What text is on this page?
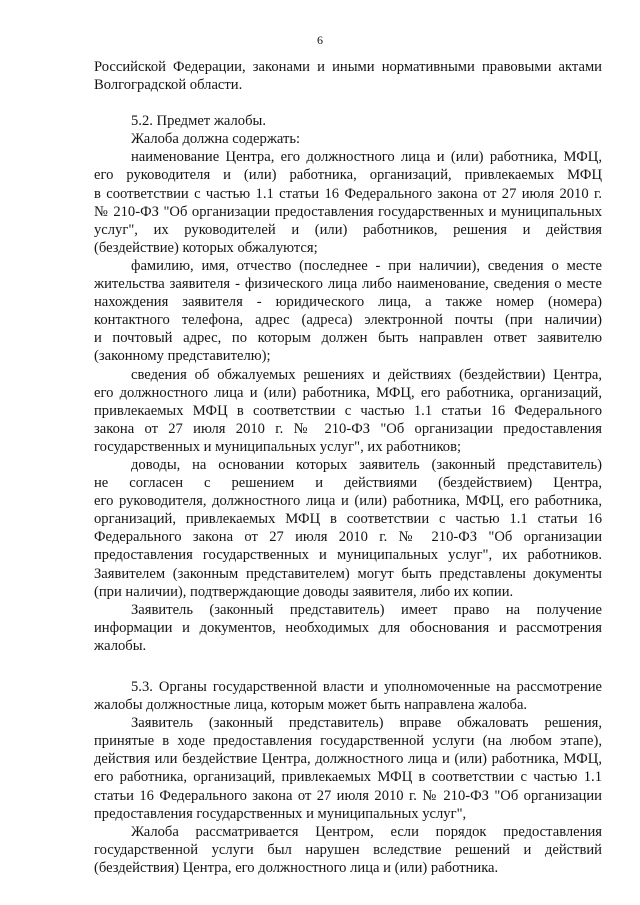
6

Российской Федерации, законами и иными нормативными правовыми актами

Волгоградской области.

5.2. Предмет жалобы.

Жалоба должна содержать:

наименование Центра, его должностного лица и (или) работника, МФЦ,

его руководителя и (или) работника, организаций, привлекаемых МФЦ

в соответствии с частью 1.1 статьи 16 Федерального закона от 27 июля 2010 г.

№ 210-ФЗ "Об организации предоставления государственных и муниципальных

услуг", их руководителей и (или) работников, решения и действия

(бездействие) которых обжалуются;

фамилию, имя, отчество (последнее - при наличии), сведения о месте

жительства заявителя - физического лица либо наименование, сведения о месте

нахождения заявителя - юридического лица, а также номер (номера)

контактного телефона, адрес (адреса) электронной почты (при наличии)

и почтовый адрес, по которым должен быть направлен ответ заявителю

(законному представителю);

сведения об обжалуемых решениях и действиях (бездействии) Центра,

его должностного лица и (или) работника, МФЦ, его работника, организаций,

привлекаемых МФЦ в соответствии с частью 1.1 статьи 16 Федерального

закона от 27 июля 2010 г. № 210-ФЗ "Об организации предоставления

государственных и муниципальных услуг", их работников;

доводы, на основании которых заявитель (законный представитель)

не согласен с решением и действиями (бездействием) Центра,

его руководителя, должностного лица и (или) работника, МФЦ, его работника,

организаций, привлекаемых МФЦ в соответствии с частью 1.1 статьи 16

Федерального закона от 27 июля 2010 г. № 210-ФЗ "Об организации

предоставления государственных и муниципальных услуг", их работников.

Заявителем (законным представителем) могут быть представлены документы

(при наличии), подтверждающие доводы заявителя, либо их копии.

Заявитель (законный представитель) имеет право на получение

информации и документов, необходимых для обоснования и рассмотрения

жалобы.

5.3. Органы государственной власти и уполномоченные на рассмотрение

жалобы должностные лица, которым может быть направлена жалоба.

Заявитель (законный представитель) вправе обжаловать решения,

принятые в ходе предоставления государственной услуги (на любом этапе),

действия или бездействие Центра, должностного лица и (или) работника, МФЦ,

его работника, организаций, привлекаемых МФЦ в соответствии с частью 1.1

статьи 16 Федерального закона от 27 июля 2010 г. № 210-ФЗ "Об организации

предоставления государственных и муниципальных услуг",

Жалоба рассматривается Центром, если порядок предоставления

государственной услуги был нарушен вследствие решений и действий

(бездействия) Центра, его должностного лица и (или) работника.
